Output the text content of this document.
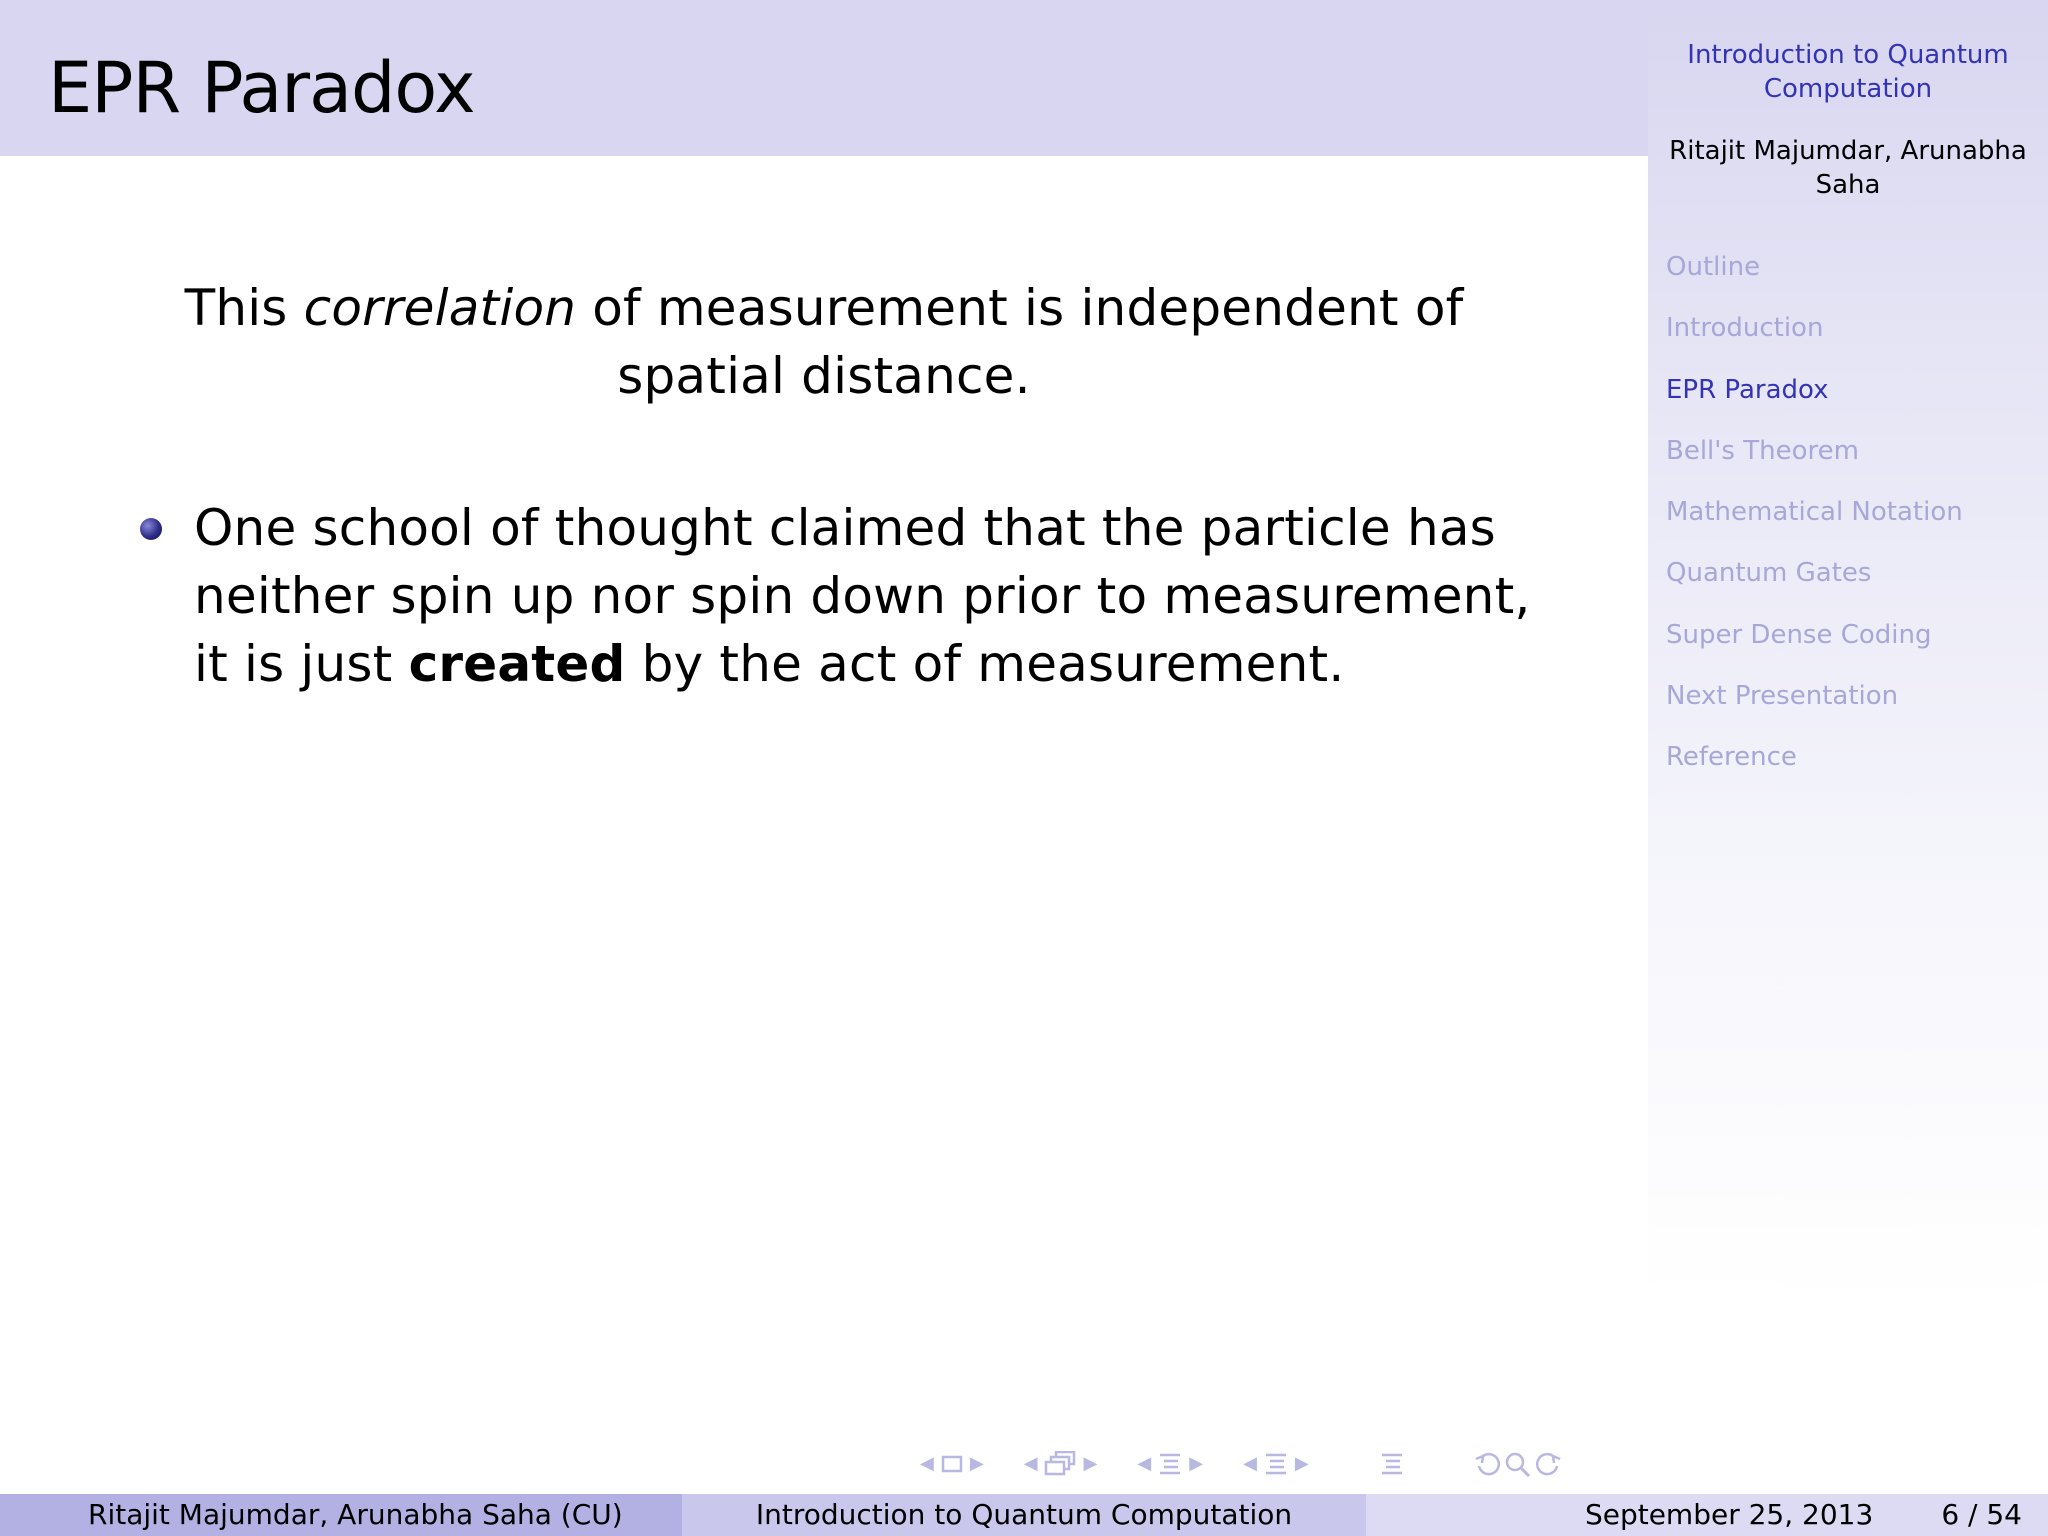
EPR Paradox	Introduction to Quantum Computation
Ritajit Majumdar, Arunabha Saha
Outline
Introduction
EPR Paradox
Bell's Theorem
Mathematical Notation
Quantum Gates
Super Dense Coding
Next Presentation
Reference
This correlation of measurement is independent of spatial distance.
One school of thought claimed that the particle has neither spin up nor spin down prior to measurement, it is just created by the act of measurement.
◀	▶	◀	▶	◀	▶	◀	▶
Ritajit Majumdar, Arunabha Saha (CU)	Introduction to Quantum Computation	September 25, 2013 6 / 54
